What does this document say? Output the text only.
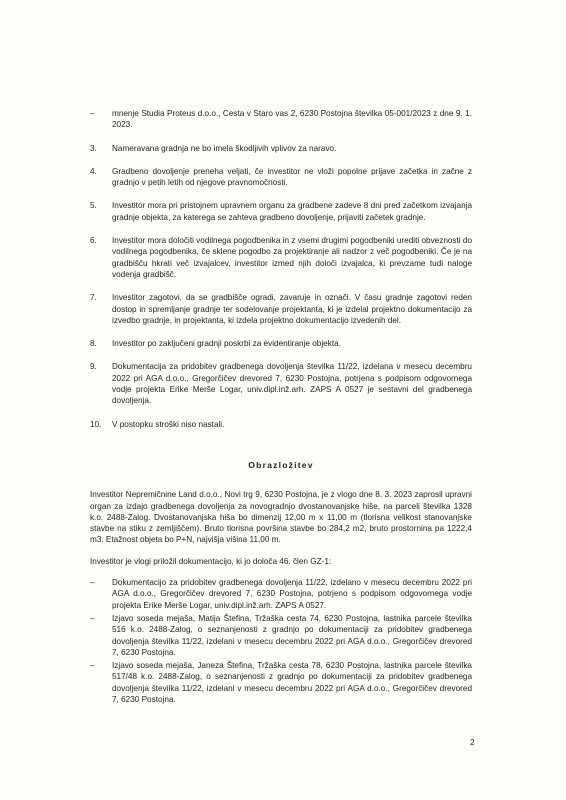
–	mnenje Studia Proteus d.o.o., Cesta v Staro vas 2, 6230 Postojna številka 05-001/2023 z dne 9. 1. 2023.
3.	Nameravana gradnja ne bo imela škodljivih vplivov za naravo.
4.	Gradbeno dovoljenje preneha veljati, če investitor ne vloži popolne prijave začetka in začne z gradnjo v petih letih od njegove pravnomočnosti.
5.	Investitor mora pri pristojnem upravnem organu za gradbene zadeve 8 dni pred začetkom izvajanja gradnje objekta, za katerega se zahteva gradbeno dovoljenje, prijaviti začetek gradnje.
6.	Investitor mora določiti vodilnega pogodbenika in z vsemi drugimi pogodbeniki urediti obveznosti do vodilnega pogodbenika, če sklene pogodbo za projektiranje ali nadzor z več pogodbeniki. Če je na gradbišču hkrati več izvajalcev, investitor izmed njih določi izvajalca, ki prevzame tudi naloge vodenja gradbišč.
7.	Investitor zagotovi, da se gradbišče ogradi, zavaruje in označi. V času gradnje zagotovi reden dostop in spremljanje gradnje ter sodelovanje projektanta, ki je izdelal projektno dokumentacijo za izvedbo gradnje, in projektanta, ki izdela projektno dokumentacijo izvedenih del.
8.	Investitor po zaključeni gradnji poskrbi za evidentiranje objekta.
9.	Dokumentacija za pridobitev gradbenega dovoljenja številka 11/22, izdelana v mesecu decembru 2022 pri AGA d.o.o., Gregorčičev drevored 7, 6230 Postojna, potrjena s podpisom odgovornega vodje projekta Erike Merše Logar, univ.dipl.inž.arh. ZAPS A 0527 je sestavni del gradbenega dovoljenja.
10.	V postopku stroški niso nastali.
Obrazložitev
Investitor Nepremičnine Land d.o.o., Novi trg 9, 6230 Postojna, je z vlogo dne 8. 3. 2023 zaprosil upravni organ za izdajo gradbenega dovoljenja za novogradnjo dvostanovanjske hiše, na parceli številka 1328 k.o. 2488-Zalog. Dvostanovanjska hiša bo dimenzij 12,00 m x 11,00 m (tlorisna velikost stanovanjske stavbe na stiku z zemljiščem). Bruto tlorisna površina stavbe bo 284,2 m2, bruto prostornina pa 1222,4 m3. Etažnost objeta bo P+N, najvišja višina 11,00 m.
Investitor je vlogi priložil dokumentacijo, ki jo določa 46. člen GZ-1:
–	Dokumentacijo za pridobitev gradbenega dovoljenja 11/22, izdelano v mesecu decembru 2022 pri AGA d.o.o., Gregorčičev drevored 7, 6230 Postojna, potrjeno s podpisom odgovornega vodje projekta Erike Merše Logar, univ.dipl.inž.arh. ZAPS A 0527.
–	Izjavo soseda mejaša, Matija Štefina, Tržaška cesta 74, 6230 Postojna, lastnika parcele številka 516 k.o. 2488-Zalog, o seznanjenosti z gradnjo po dokumentaciji za pridobitev gradbenega dovoljenja številka 11/22, izdelani v mesecu decembru 2022 pri AGA d.o.o., Gregorčičev drevored 7, 6230 Postojna.
–	Izjavo soseda mejaša, Janeza Štefina, Tržaška cesta 78, 6230 Postojna, lastnika parcele številka 517/48 k.o. 2488-Zalog, o seznanjenosti z gradnjo po dokumentaciji za pridobitev gradbenega dovoljenja številka 11/22, izdelani v mesecu decembru 2022 pri AGA d.o.o., Gregorčičev drevored 7, 6230 Postojna.
2
